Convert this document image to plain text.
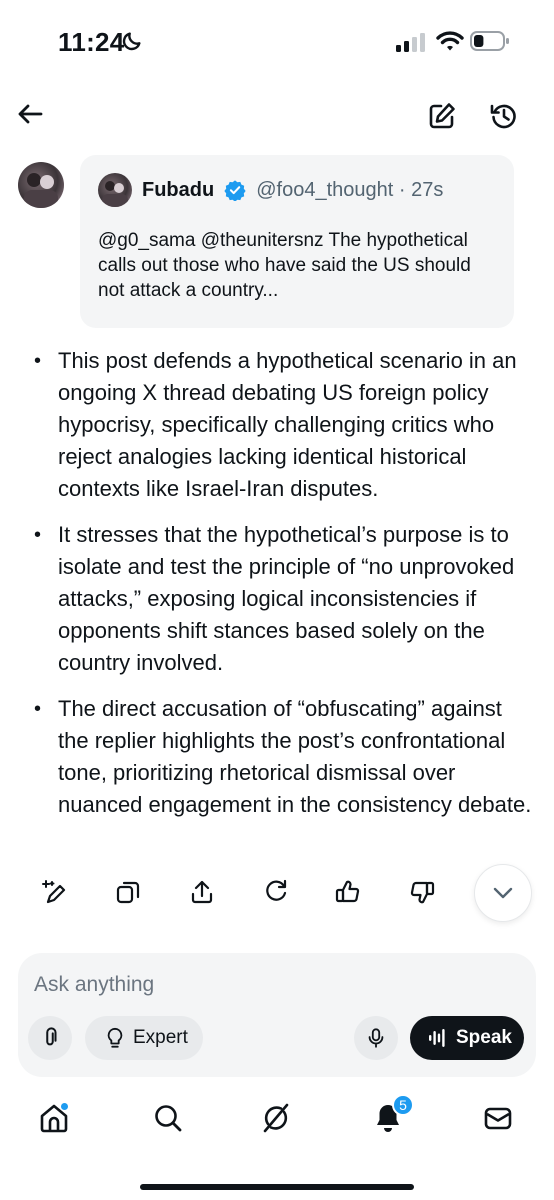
11:24
Fubadu @foo4_thought · 27s
@g0_sama @theunitersnz The hypothetical calls out those who have said the US should not attack a country...
• This post defends a hypothetical scenario in an ongoing X thread debating US foreign policy hypocrisy, specifically challenging critics who reject analogies lacking identical historical contexts like Israel-Iran disputes.
• It stresses that the hypothetical’s purpose is to isolate and test the principle of “no unprovoked attacks,” exposing logical inconsistencies if opponents shift stances based solely on the country involved.
• The direct accusation of “obfuscating” against the replier highlights the post’s confrontational tone, prioritizing rhetorical dismissal over nuanced engagement in the consistency debate.
Ask anything
Expert	Speak
5
